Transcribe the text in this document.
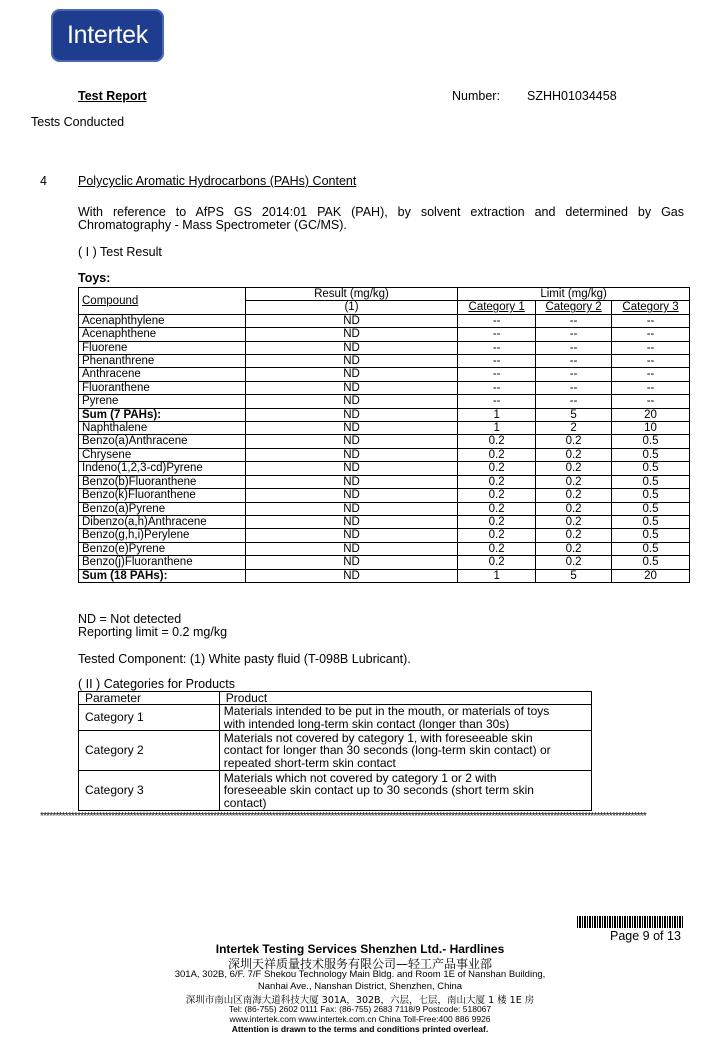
Intertek
Test Report	Number: SZHH01034458
Tests Conducted
4 Polycyclic Aromatic Hydrocarbons (PAHs) Content
With reference to AfPS GS 2014:01 PAK (PAH), by solvent extraction and determined by Gas
Chromatography - Mass Spectrometer (GC/MS).
( I ) Test Result
Toys:
Compound	Result (mg/kg)	Limit (mg/kg)		
	(1)	Category 1	Category 2	Category 3
Acenaphthylene	ND	--	--	--
Acenaphthene	ND	--	--	--
Fluorene	ND	--	--	--
Phenanthrene	ND	--	--	--
Anthracene	ND	--	--	--
Fluoranthene	ND	--	--	--
Pyrene	ND	--	--	--
Sum (7 PAHs):	ND	1	5	20
Naphthalene	ND	1	2	10
Benzo(a)Anthracene	ND	0.2	0.2	0.5
Chrysene	ND	0.2	0.2	0.5
Indeno(1,2,3-cd)Pyrene	ND	0.2	0.2	0.5
Benzo(b)Fluoranthene	ND	0.2	0.2	0.5
Benzo(k)Fluoranthene	ND	0.2	0.2	0.5
Benzo(a)Pyrene	ND	0.2	0.2	0.5
Dibenzo(a,h)Anthracene	ND	0.2	0.2	0.5
Benzo(g,h,i)Perylene	ND	0.2	0.2	0.5
Benzo(e)Pyrene	ND	0.2	0.2	0.5
Benzo(j)Fluoranthene	ND	0.2	0.2	0.5
Sum (18 PAHs):	ND	1	5	20
ND = Not detected
Reporting limit = 0.2 mg/kg
Tested Component: (1) White pasty fluid (T-098B Lubricant).
( II ) Categories for Products
Parameter	Product
Category 1	Materials intended to be put in the mouth, or materials of toys
with intended long-term skin contact (longer than 30s)

Category 2	Materials not covered by category 1, with foreseeable skin
contact for longer than 30 seconds (long-term skin contact) or
repeated short-term skin contact

Category 3	Materials which not covered by category 1 or 2 with
foreseeable skin contact up to 30 seconds (short term skin
contact)
****************************************************************************************************************************************************************************************************
Page 9 of 13
Intertek Testing Services Shenzhen Ltd.- Hardlines
深圳天祥质量技术服务有限公司—轻工产品事业部
301A, 302B, 6/F. 7/F Shekou Technology Main Bldg. and Room 1E of Nanshan Building,
Nanhai Ave., Nanshan District, Shenzhen, China
深圳市南山区南海大道科技大厦 301A，302B，六层，七层，南山大厦 1 楼 1E 房
Tel: (86-755) 2602 0111 Fax: (86-755) 2683 7118/9 Postcode: 518067
www.intertek.com www.intertek.com.cn China Toll-Free:400 886 9926
Attention is drawn to the terms and conditions printed overleaf.
